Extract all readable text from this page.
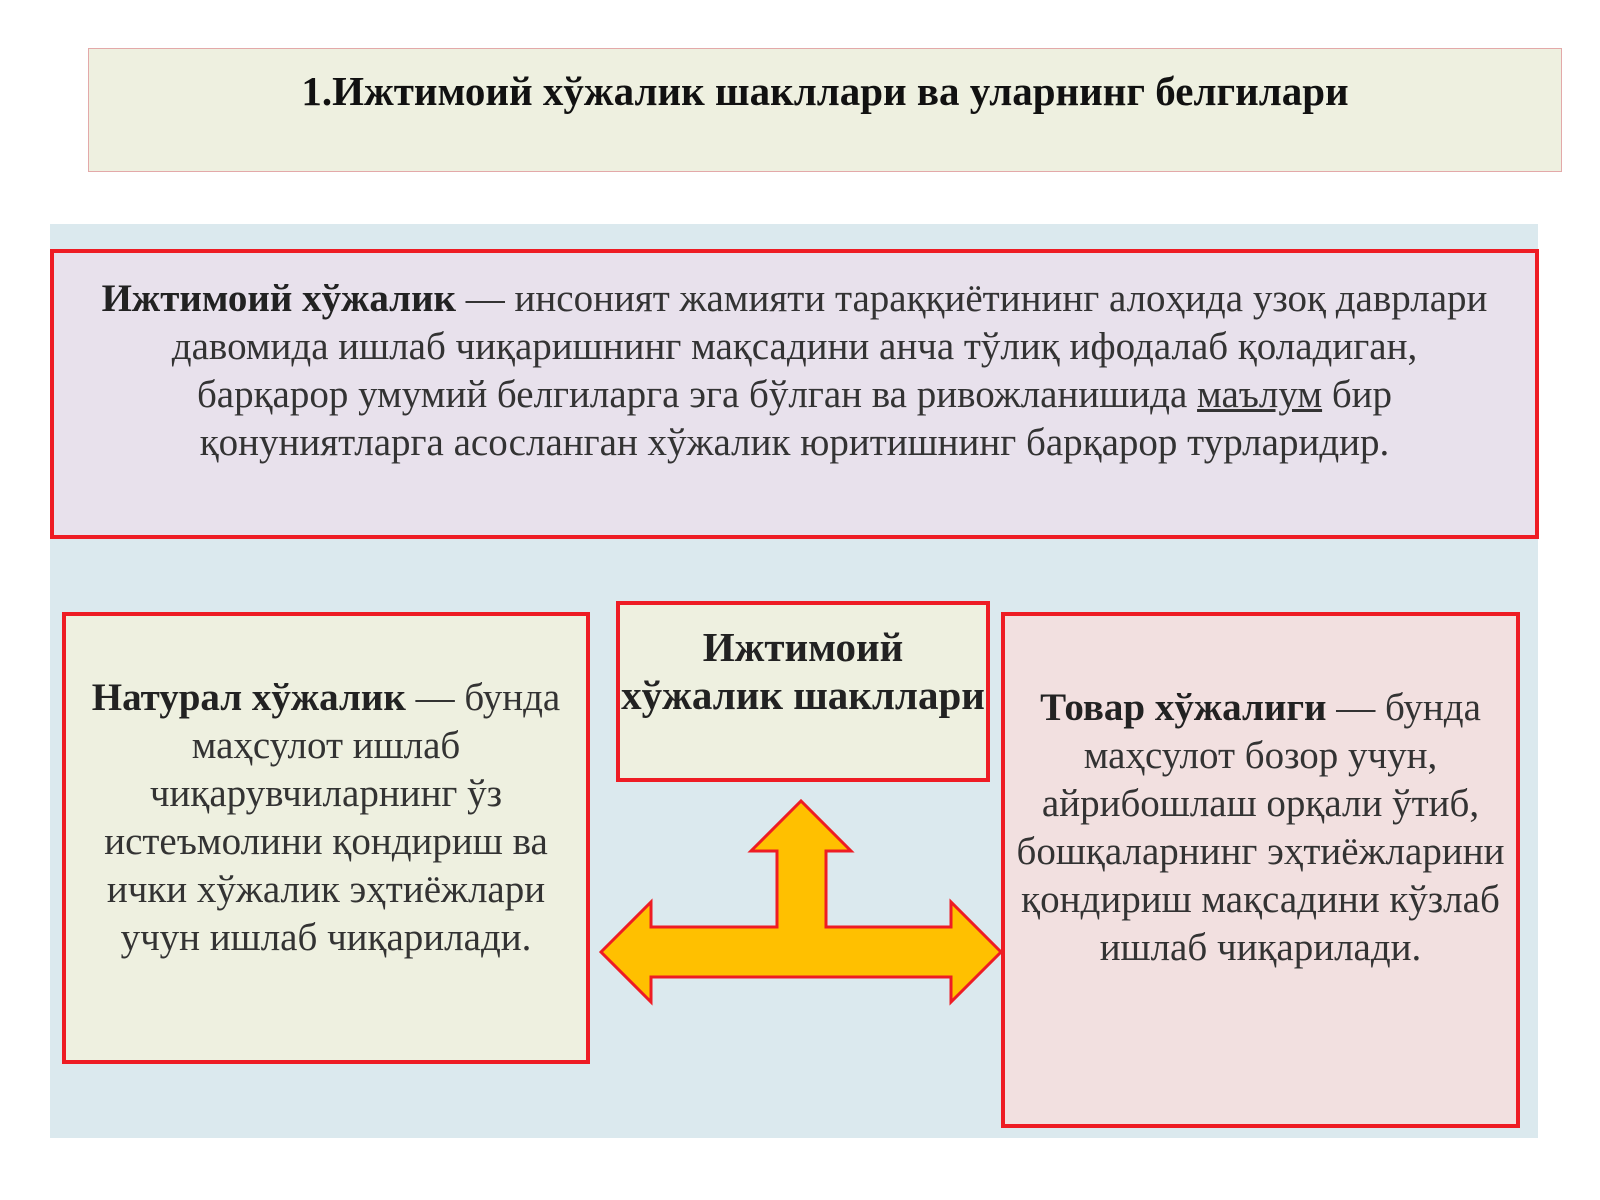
1.Ижтимоий хўжалик шакллари ва уларнинг белгилари
Ижтимоий хўжалик — инсоният жамияти тараққиётининг алоҳида узоқ даврлари давомида ишлаб чиқаришнинг мақсадини анча тўлиқ ифодалаб қоладиган, барқарор умумий белгиларга эга бўлган ва ривожланишида маълум бир қонуниятларга асосланган хўжалик юритишнинг барқарор турларидир.
Натурал хўжалик — бунда маҳсулот ишлаб чиқарувчиларнинг ўз истеъмолини қондириш ва ички хўжалик эҳтиёжлари учун ишлаб чиқарилади.
Ижтимоий хўжалик шакллари	Товар хўжалиги — бунда маҳсулот бозор учун, айрибошлаш орқали ўтиб, бошқаларнинг эҳтиёжларини қондириш мақсадини кўзлаб ишлаб чиқарилади.
